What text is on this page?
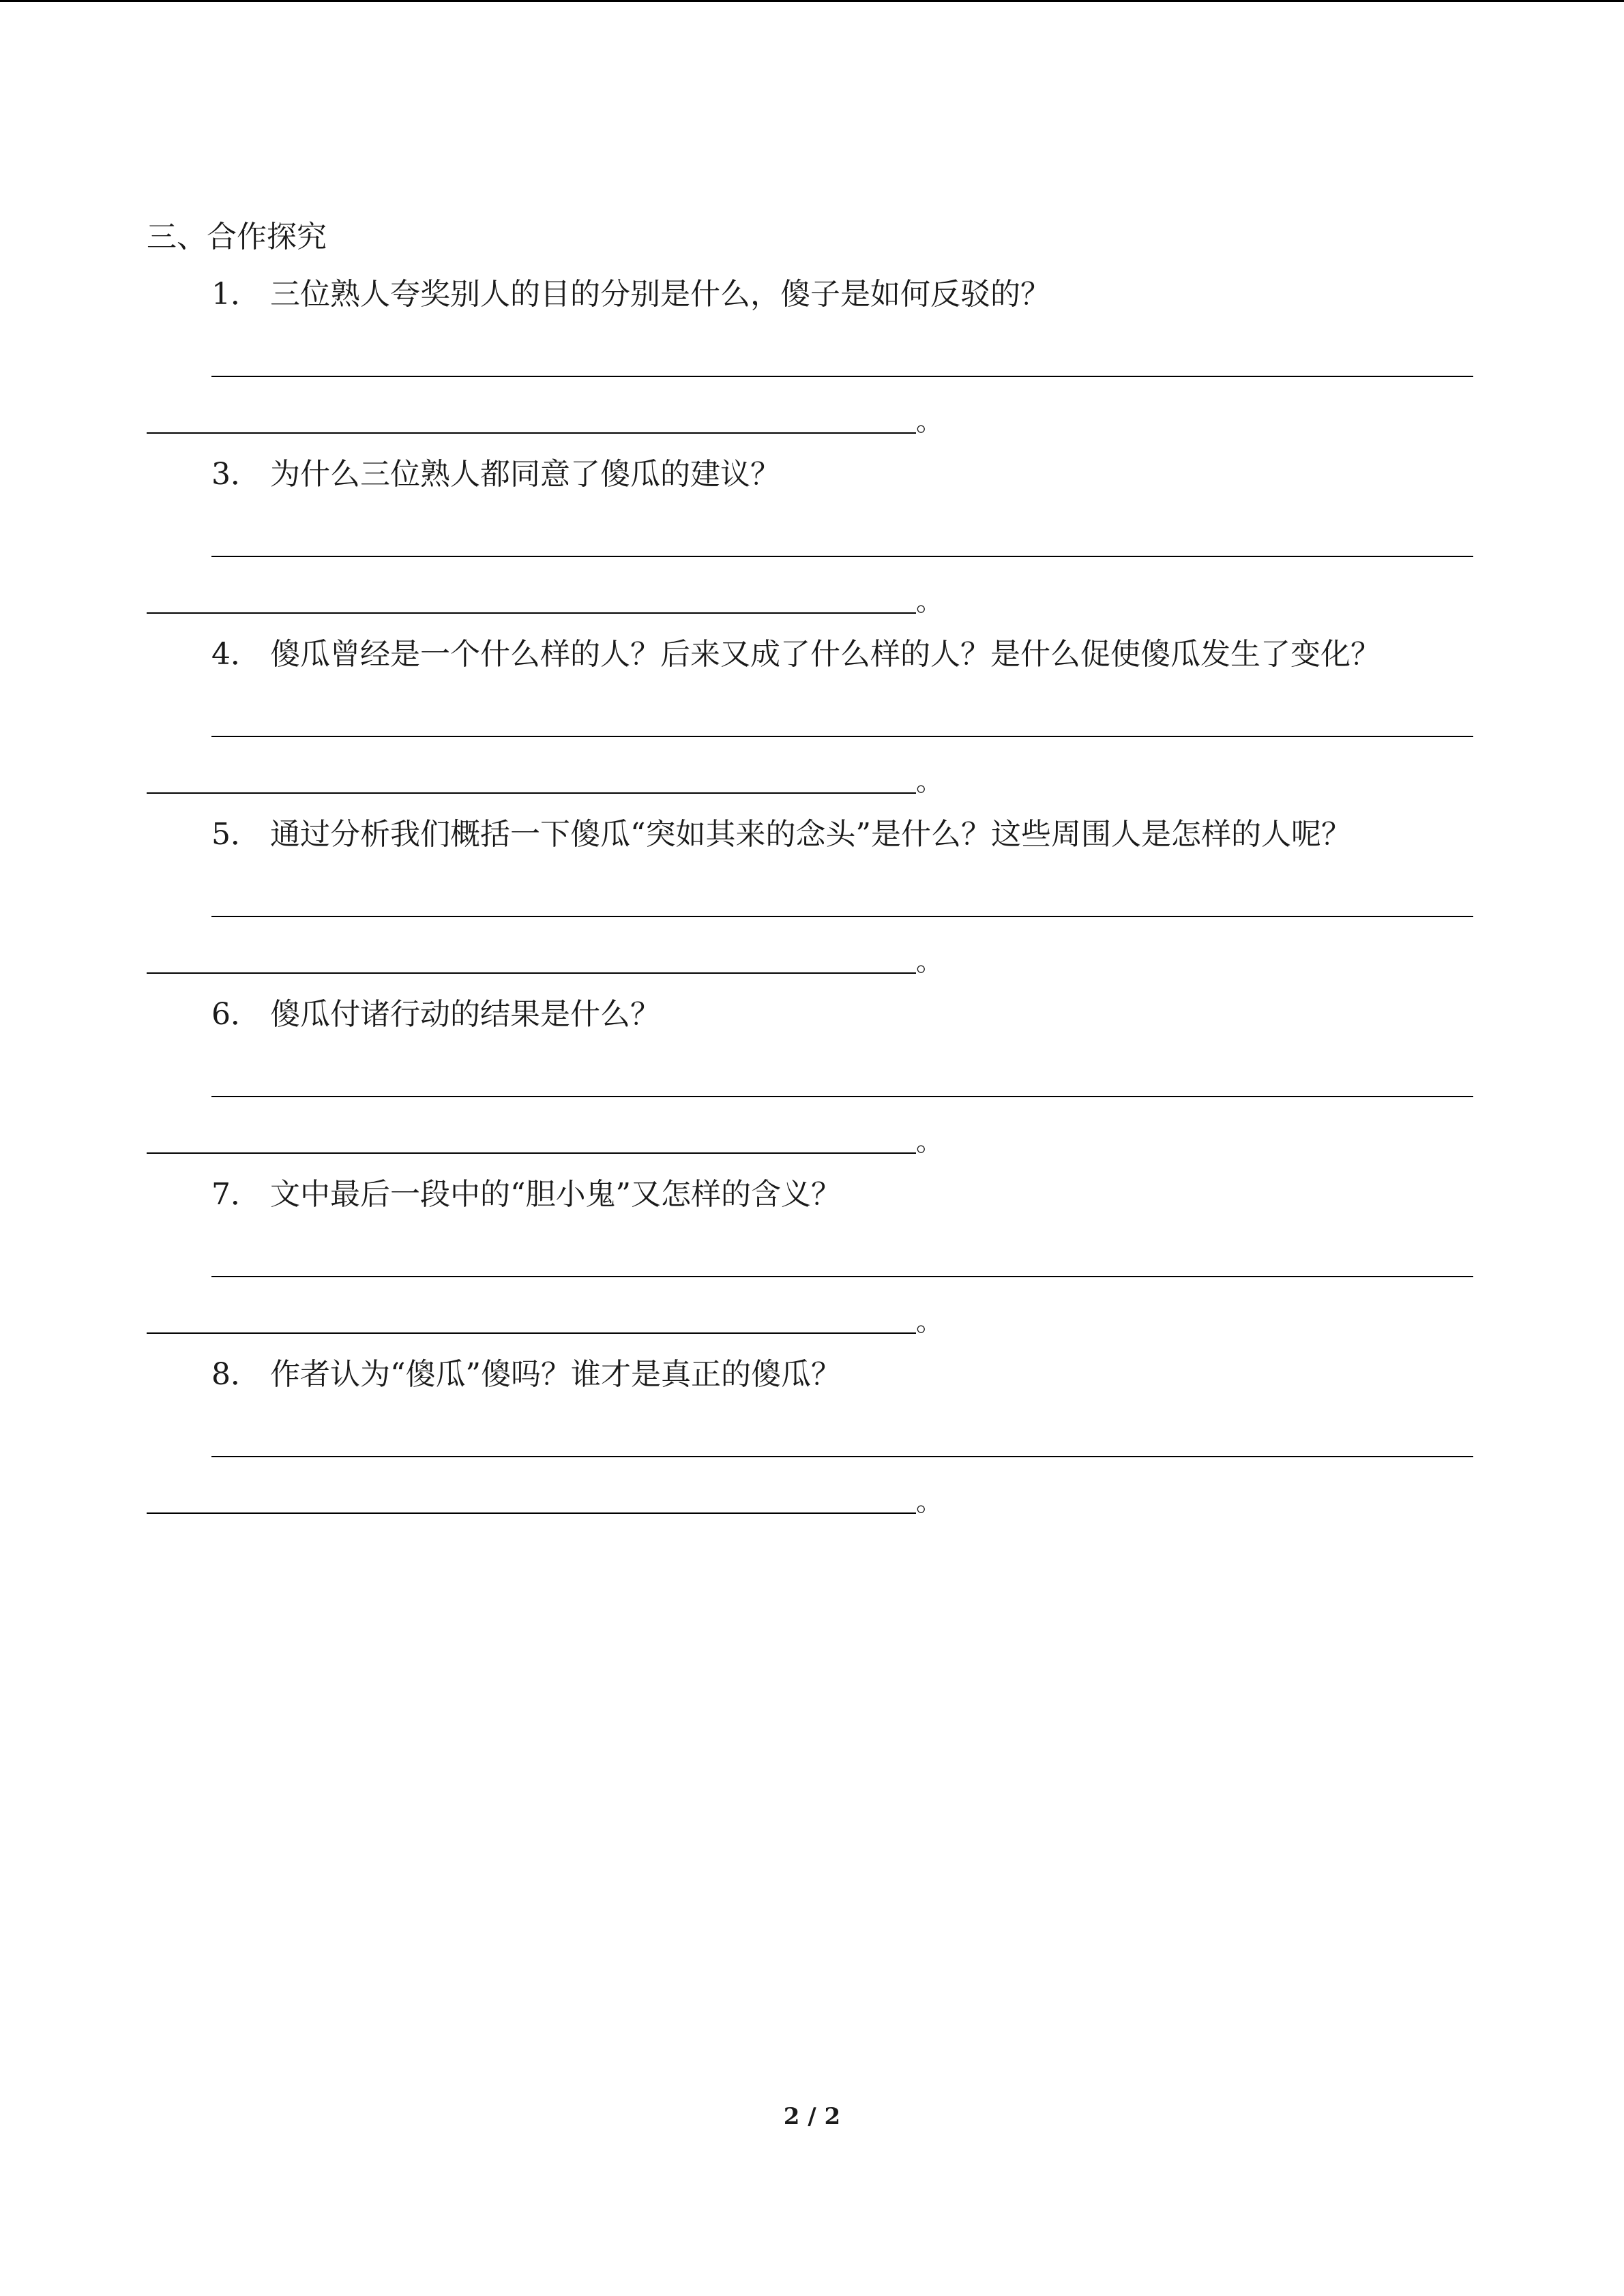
三、合作探究
1． 三位熟人夸奖别人的目的分别是什么，傻子是如何反驳的？
。
3． 为什么三位熟人都同意了傻瓜的建议？
。
4． 傻瓜曾经是一个什么样的人？后来又成了什么样的人？是什么促使傻瓜发生了变化？
。
5． 通过分析我们概括一下傻瓜“突如其来的念头”是什么？这些周围人是怎样的人呢？
。
6． 傻瓜付诸行动的结果是什么？
。
7． 文中最后一段中的“胆小鬼”又怎样的含义？
。
8． 作者认为“傻瓜”傻吗？谁才是真正的傻瓜？
。
2 / 2
